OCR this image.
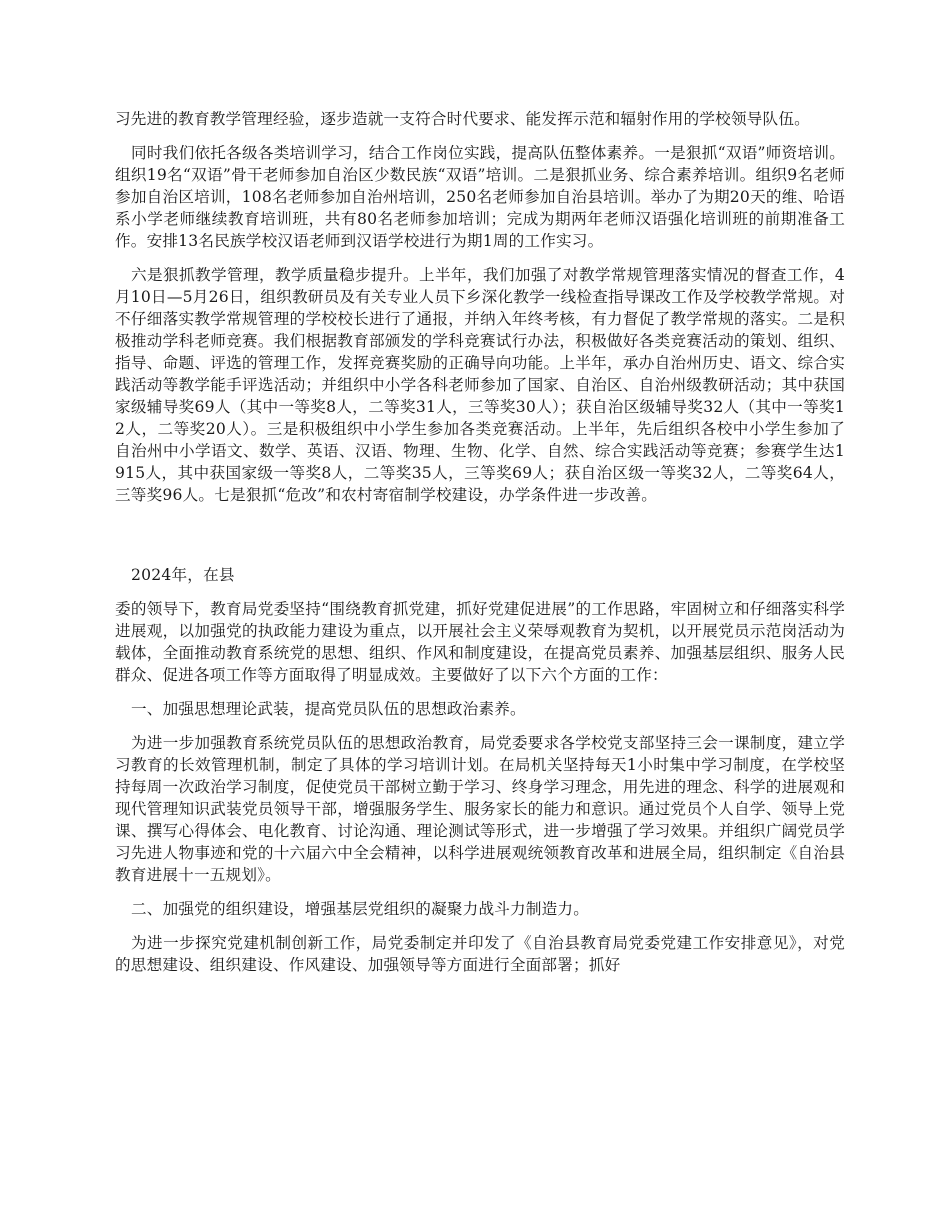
习先进的教育教学管理经验，逐步造就一支符合时代要求、能发挥示范和辐射作用的学校领导队伍。

同时我们依托各级各类培训学习，结合工作岗位实践，提高队伍整体素养。一是狠抓“双语”师资培训。组织19名“双语”骨干老师参加自治区少数民族“双语”培训。二是狠抓业务、综合素养培训。组织9名老师参加自治区培训，108名老师参加自治州培训，250名老师参加自治县培训。举办了为期20天的维、哈语系小学老师继续教育培训班，共有80名老师参加培训；完成为期两年老师汉语强化培训班的前期准备工作。安排13名民族学校汉语老师到汉语学校进行为期1周的工作实习。

六是狠抓教学管理，教学质量稳步提升。上半年，我们加强了对教学常规管理落实情况的督查工作，4月10日—5月26日，组织教研员及有关专业人员下乡深化教学一线检查指导课改工作及学校教学常规。对不仔细落实教学常规管理的学校校长进行了通报，并纳入年终考核，有力督促了教学常规的落实。二是积极推动学科老师竞赛。我们根据教育部颁发的学科竞赛试行办法，积极做好各类竞赛活动的策划、组织、指导、命题、评选的管理工作，发挥竞赛奖励的正确导向功能。上半年，承办自治州历史、语文、综合实践活动等教学能手评选活动；并组织中小学各科老师参加了国家、自治区、自治州级教研活动；其中获国家级辅导奖69人（其中一等奖8人，二等奖31人，三等奖30人）；获自治区级辅导奖32人（其中一等奖12人，二等奖20人）。三是积极组织中小学生参加各类竞赛活动。上半年，先后组织各校中小学生参加了自治州中小学语文、数学、英语、汉语、物理、生物、化学、自然、综合实践活动等竞赛；参赛学生达1915人，其中获国家级一等奖8人，二等奖35人，三等奖69人；获自治区级一等奖32人，二等奖64人，三等奖96人。七是狠抓“危改”和农村寄宿制学校建设，办学条件进一步改善。

2024年，在县

委的领导下，教育局党委坚持“围绕教育抓党建，抓好党建促进展”的工作思路，牢固树立和仔细落实科学进展观，以加强党的执政能力建设为重点，以开展社会主义荣辱观教育为契机，以开展党员示范岗活动为载体，全面推动教育系统党的思想、组织、作风和制度建设，在提高党员素养、加强基层组织、服务人民群众、促进各项工作等方面取得了明显成效。主要做好了以下六个方面的工作：

一、加强思想理论武装，提高党员队伍的思想政治素养。

为进一步加强教育系统党员队伍的思想政治教育，局党委要求各学校党支部坚持三会一课制度，建立学习教育的长效管理机制，制定了具体的学习培训计划。在局机关坚持每天1小时集中学习制度，在学校坚持每周一次政治学习制度，促使党员干部树立勤于学习、终身学习理念，用先进的理念、科学的进展观和现代管理知识武装党员领导干部，增强服务学生、服务家长的能力和意识。通过党员个人自学、领导上党课、撰写心得体会、电化教育、讨论沟通、理论测试等形式，进一步增强了学习效果。并组织广阔党员学习先进人物事迹和党的十六届六中全会精神，以科学进展观统领教育改革和进展全局，组织制定《自治县教育进展十一五规划》。

二、加强党的组织建设，增强基层党组织的凝聚力战斗力制造力。

为进一步探究党建机制创新工作，局党委制定并印发了《自治县教育局党委党建工作安排意见》，对党的思想建设、组织建设、作风建设、加强领导等方面进行全面部署；抓好
